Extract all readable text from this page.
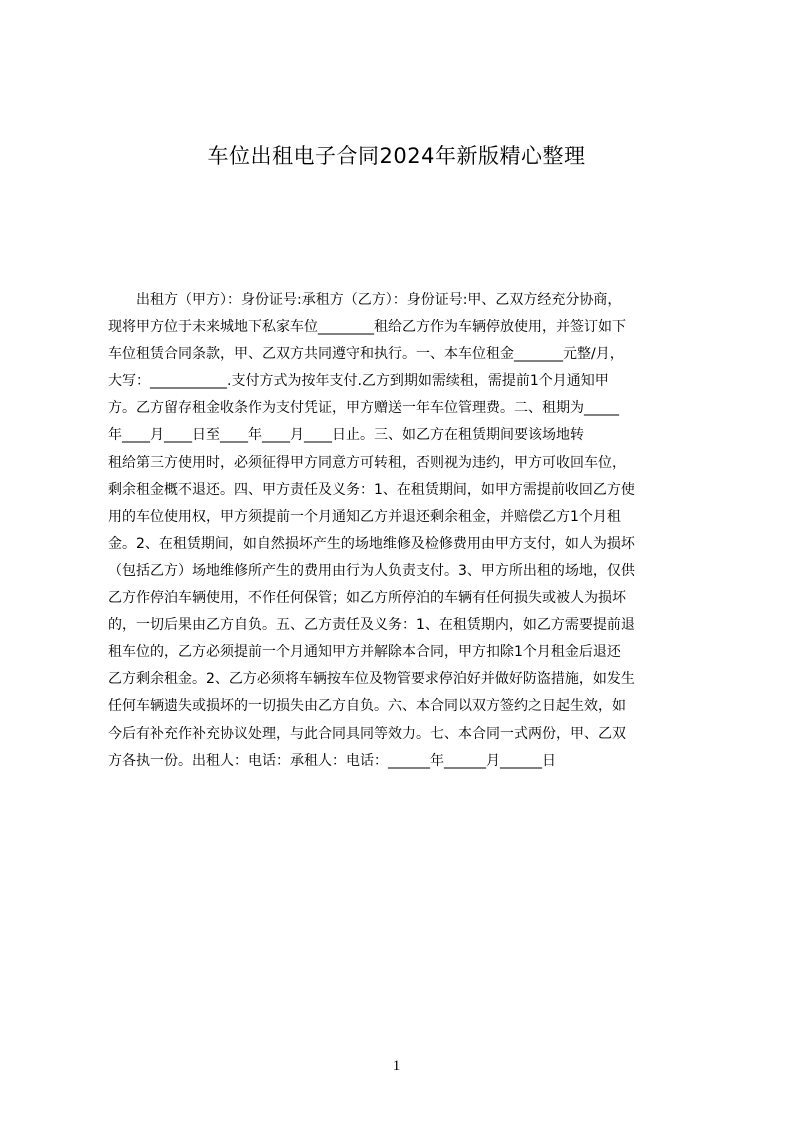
车位出租电子合同2024年新版精心整理
　　出租方（甲方）：身份证号:承租方（乙方）：身份证号:甲、乙双方经充分协商，
现将甲方位于未来城地下私家车位________租给乙方作为车辆停放使用，并签订如下
车位租赁合同条款，甲、乙双方共同遵守和执行。一、本车位租金_______元整/月，
大写：___________.支付方式为按年支付.乙方到期如需续租，需提前1个月通知甲
方。乙方留存租金收条作为支付凭证，甲方赠送一年车位管理费。二、租期为_____
年____月____日至____年____月____日止。三、如乙方在租赁期间要该场地转
租给第三方使用时，必须征得甲方同意方可转租，否则视为违约，甲方可收回车位，
剩余租金概不退还。四、甲方责任及义务：1、在租赁期间，如甲方需提前收回乙方使
用的车位使用权，甲方须提前一个月通知乙方并退还剩余租金，并赔偿乙方1个月租
金。2、在租赁期间，如自然损坏产生的场地维修及检修费用由甲方支付，如人为损坏
（包括乙方）场地维修所产生的费用由行为人负责支付。3、甲方所出租的场地，仅供
乙方作停泊车辆使用，不作任何保管；如乙方所停泊的车辆有任何损失或被人为损坏
的，一切后果由乙方自负。五、乙方责任及义务：1、在租赁期内，如乙方需要提前退
租车位的，乙方必须提前一个月通知甲方并解除本合同，甲方扣除1个月租金后退还
乙方剩余租金。2、乙方必须将车辆按车位及物管要求停泊好并做好防盗措施，如发生
任何车辆遗失或损坏的一切损失由乙方自负。六、本合同以双方签约之日起生效，如
今后有补充作补充协议处理，与此合同具同等效力。七、本合同一式两份，甲、乙双
方各执一份。出租人：电话：承租人：电话：______年______月______日
1
